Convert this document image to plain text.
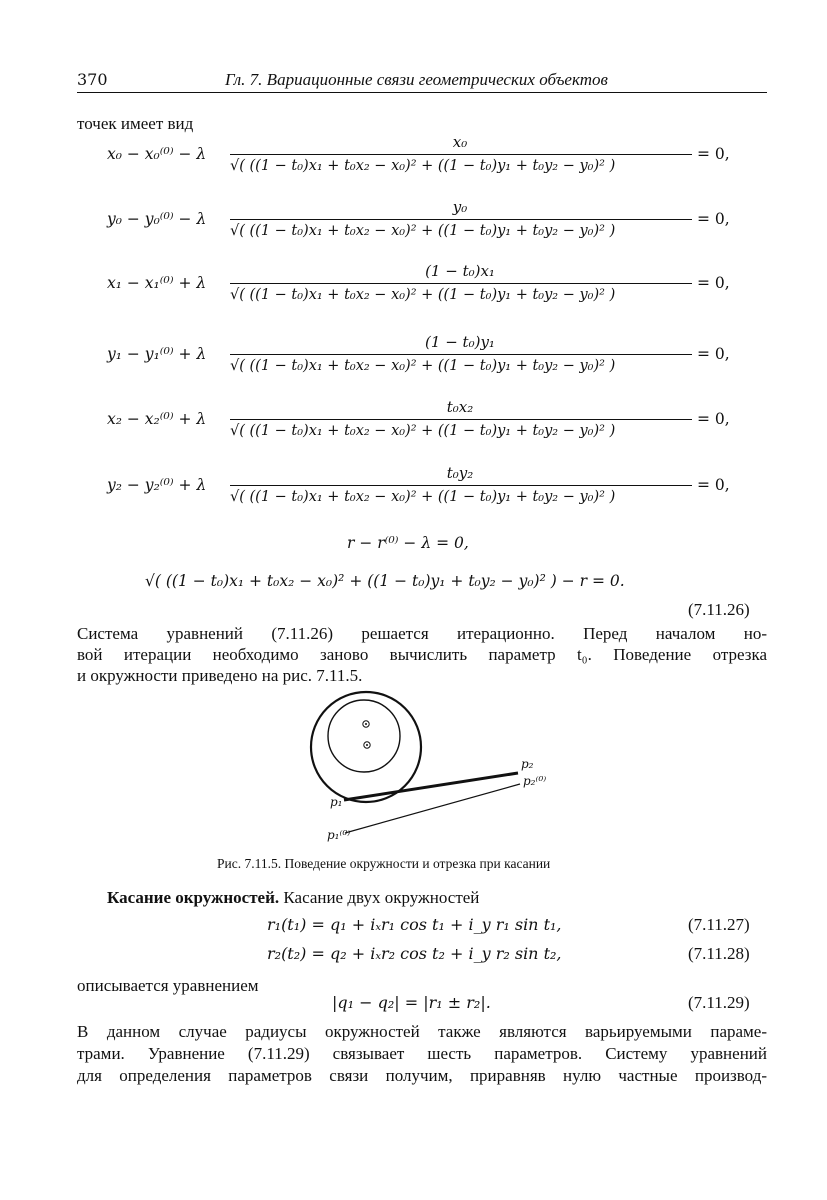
370	Гл. 7. Вариационные связи геометрических объектов
точек имеет вид
x₀ − x₀⁽⁰⁾ − λ
x₀
√( ((1 − t₀)x₁ + t₀x₂ − x₀)² + ((1 − t₀)y₁ + t₀y₂ − y₀)² )
= 0,
y₀ − y₀⁽⁰⁾ − λ
y₀
√( ((1 − t₀)x₁ + t₀x₂ − x₀)² + ((1 − t₀)y₁ + t₀y₂ − y₀)² )
= 0,
x₁ − x₁⁽⁰⁾ + λ
(1 − t₀)x₁
√( ((1 − t₀)x₁ + t₀x₂ − x₀)² + ((1 − t₀)y₁ + t₀y₂ − y₀)² )
= 0,
y₁ − y₁⁽⁰⁾ + λ
(1 − t₀)y₁
√( ((1 − t₀)x₁ + t₀x₂ − x₀)² + ((1 − t₀)y₁ + t₀y₂ − y₀)² )
= 0,
x₂ − x₂⁽⁰⁾ + λ
t₀x₂
√( ((1 − t₀)x₁ + t₀x₂ − x₀)² + ((1 − t₀)y₁ + t₀y₂ − y₀)² )
= 0,
y₂ − y₂⁽⁰⁾ + λ
t₀y₂
√( ((1 − t₀)x₁ + t₀x₂ − x₀)² + ((1 − t₀)y₁ + t₀y₂ − y₀)² )
= 0,
r − r⁽⁰⁾ − λ = 0,
√( ((1 − t₀)x₁ + t₀x₂ − x₀)² + ((1 − t₀)y₁ + t₀y₂ − y₀)² ) − r = 0.
(7.11.26)
Система уравнений (7.11.26) решается итерационно. Перед началом но-
вой итерации необходимо заново вычислить параметр t₀. Поведение отрезка
и окружности приведено на рис. 7.11.5.
p₂
p₂⁽⁰⁾
p₁
p₁⁽⁰⁾
Рис. 7.11.5. Поведение окружности и отрезка при касании
Касание окружностей. Касание двух окружностей
r₁(t₁) = q₁ + iₓr₁ cos t₁ + i_y r₁ sin t₁,	(7.11.27)
r₂(t₂) = q₂ + iₓr₂ cos t₂ + i_y r₂ sin t₂,	(7.11.28)
описывается уравнением
|q₁ − q₂| = |r₁ ± r₂|.	(7.11.29)
В данном случае радиусы окружностей также являются варьируемыми параме-
трами. Уравнение (7.11.29) связывает шесть параметров. Систему уравнений
для определения параметров связи получим, приравняв нулю частные производ-
